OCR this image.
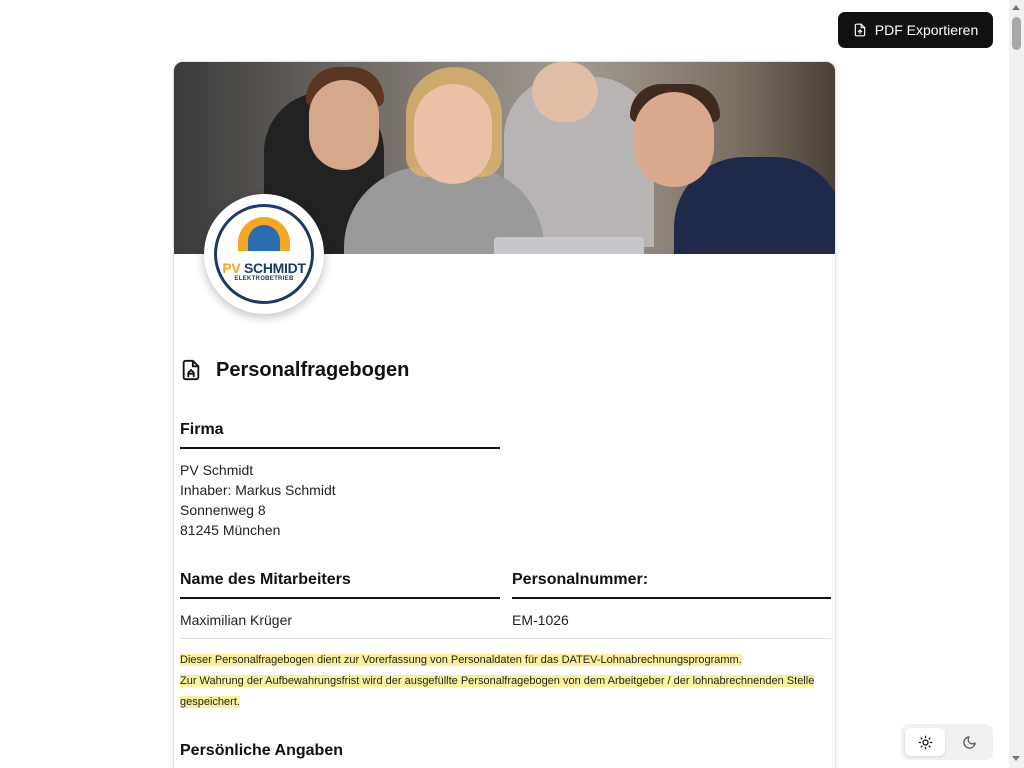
PDF Exportieren
PV SCHMIDT
ELEKTROBETRIEB
Personalfragebogen
Firma
PV Schmidt
Inhaber: Markus Schmidt
Sonnenweg 8
81245 München
Name des Mitarbeiters	Personalnummer:
Maximilian Krüger	EM-1026
Dieser Personalfragebogen dient zur Vorerfassung von Personaldaten für das DATEV-Lohnabrechnungsprogramm.
Zur Wahrung der Aufbewahrungsfrist wird der ausgefüllte Personalfragebogen von dem Arbeitgeber / der lohnabrechnenden Stelle gespeichert.
Persönliche Angaben
